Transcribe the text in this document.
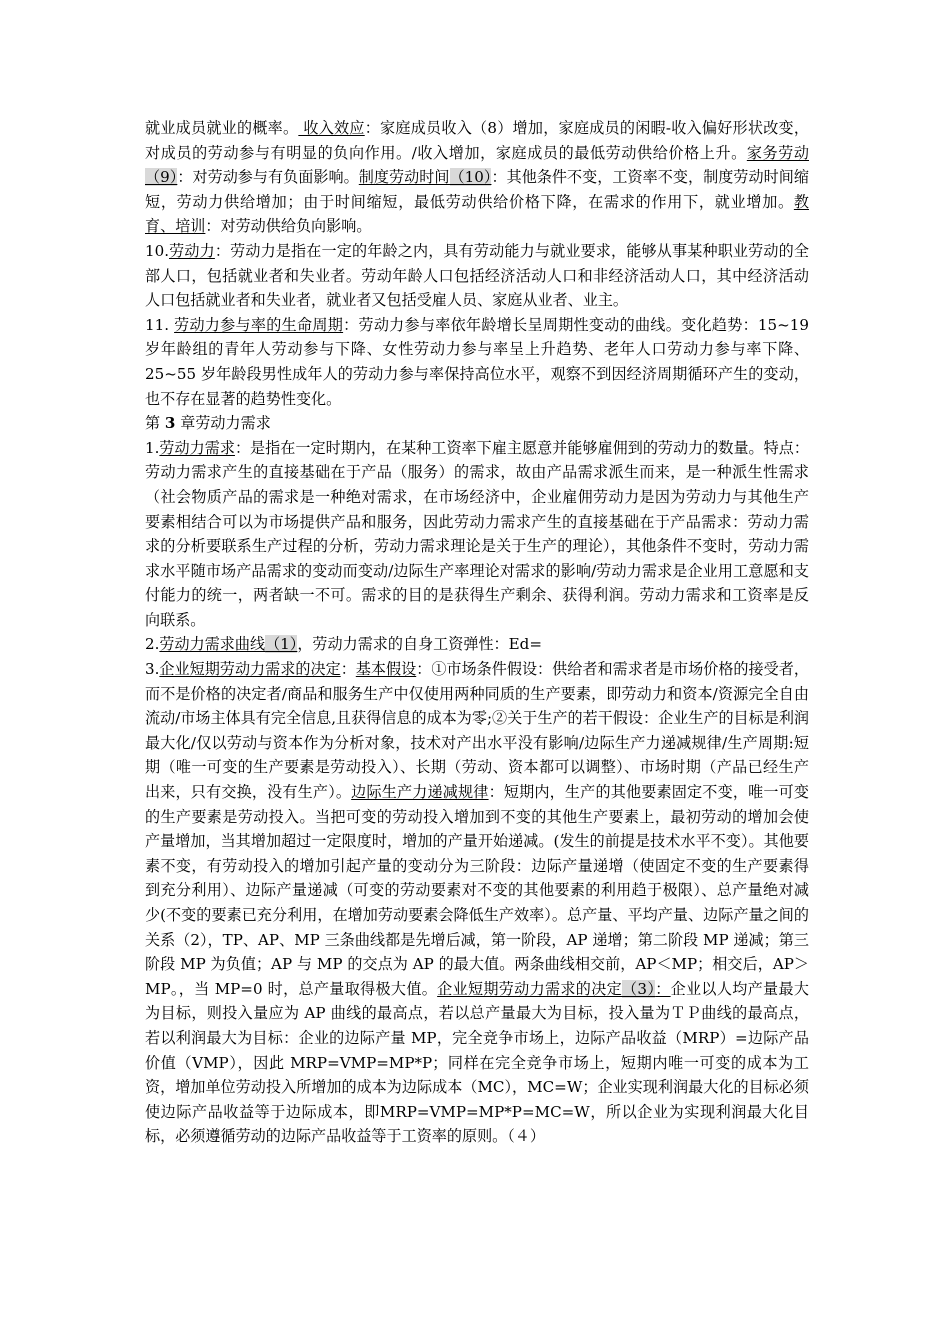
就业成员就业的概率。 收入效应：家庭成员收入（8）增加，家庭成员的闲暇-收入偏好形状改变，对成员的劳动参与有明显的负向作用。/收入增加，家庭成员的最低劳动供给价格上升。家务劳动（9）：对劳动参与有负面影响。制度劳动时间（10）：其他条件不变，工资率不变，制度劳动时间缩短，劳动力供给增加；由于时间缩短，最低劳动供给价格下降，在需求的作用下，就业增加。教育、培训：对劳动供给负向影响。

10.劳动力：劳动力是指在一定的年龄之内，具有劳动能力与就业要求，能够从事某种职业劳动的全部人口，包括就业者和失业者。劳动年龄人口包括经济活动人口和非经济活动人口，其中经济活动人口包括就业者和失业者，就业者又包括受雇人员、家庭从业者、业主。

11. 劳动力参与率的生命周期：劳动力参与率依年龄增长呈周期性变动的曲线。变化趋势：15~19 岁年龄组的青年人劳动参与下降、女性劳动力参与率呈上升趋势、老年人口劳动力参与率下降、25~55 岁年龄段男性成年人的劳动力参与率保持高位水平，观察不到因经济周期循环产生的变动，也不存在显著的趋势性变化。

第 3 章劳动力需求

1.劳动力需求：是指在一定时期内，在某种工资率下雇主愿意并能够雇佣到的劳动力的数量。特点：劳动力需求产生的直接基础在于产品（服务）的需求，故由产品需求派生而来，是一种派生性需求（社会物质产品的需求是一种绝对需求，在市场经济中，企业雇佣劳动力是因为劳动力与其他生产要素相结合可以为市场提供产品和服务，因此劳动力需求产生的直接基础在于产品需求：劳动力需求的分析要联系生产过程的分析，劳动力需求理论是关于生产的理论），其他条件不变时，劳动力需求水平随市场产品需求的变动而变动/边际生产率理论对需求的影响/劳动力需求是企业用工意愿和支付能力的统一，两者缺一不可。需求的目的是获得生产剩余、获得利润。劳动力需求和工资率是反向联系。

2.劳动力需求曲线（1），劳动力需求的自身工资弹性：Ed=

3.企业短期劳动力需求的决定：基本假设：①市场条件假设：供给者和需求者是市场价格的接受者，而不是价格的决定者/商品和服务生产中仅使用两种同质的生产要素，即劳动力和资本/资源完全自由流动/市场主体具有完全信息,且获得信息的成本为零;②关于生产的若干假设：企业生产的目标是利润最大化/仅以劳动与资本作为分析对象，技术对产出水平没有影响/边际生产力递减规律/生产周期:短期（唯一可变的生产要素是劳动投入）、长期（劳动、资本都可以调整）、市场时期（产品已经生产出来，只有交换，没有生产）。边际生产力递减规律：短期内，生产的其他要素固定不变，唯一可变的生产要素是劳动投入。当把可变的劳动投入增加到不变的其他生产要素上，最初劳动的增加会使产量增加，当其增加超过一定限度时，增加的产量开始递减。(发生的前提是技术水平不变）。其他要素不变，有劳动投入的增加引起产量的变动分为三阶段：边际产量递增（使固定不变的生产要素得到充分利用）、边际产量递减（可变的劳动要素对不变的其他要素的利用趋于极限）、总产量绝对减少(不变的要素已充分利用，在增加劳动要素会降低生产效率）。总产量、平均产量、边际产量之间的关系（2），TP、AP、MP 三条曲线都是先增后减，第一阶段，AP 递增；第二阶段 MP 递减；第三阶段 MP 为负值；AP 与 MP 的交点为 AP 的最大值。两条曲线相交前，AP＜MP；相交后，AP＞MP。，当 MP=0 时，总产量取得极大值。企业短期劳动力需求的决定（3）：企业以人均产量最大为目标，则投入量应为 AP 曲线的最高点，若以总产量最大为目标，投入量为ＴＰ曲线的最高点，若以利润最大为目标：企业的边际产量 MP，完全竞争市场上，边际产品收益（MRP）=边际产品价值（VMP），因此 MRP=VMP=MP*P；同样在完全竞争市场上，短期内唯一可变的成本为工资，增加单位劳动投入所增加的成本为边际成本（MC），MC=W；企业实现利润最大化的目标必须使边际产品收益等于边际成本，即MRP=VMP=MP*P=MC=W，所以企业为实现利润最大化目标，必须遵循劳动的边际产品收益等于工资率的原则。（４）
